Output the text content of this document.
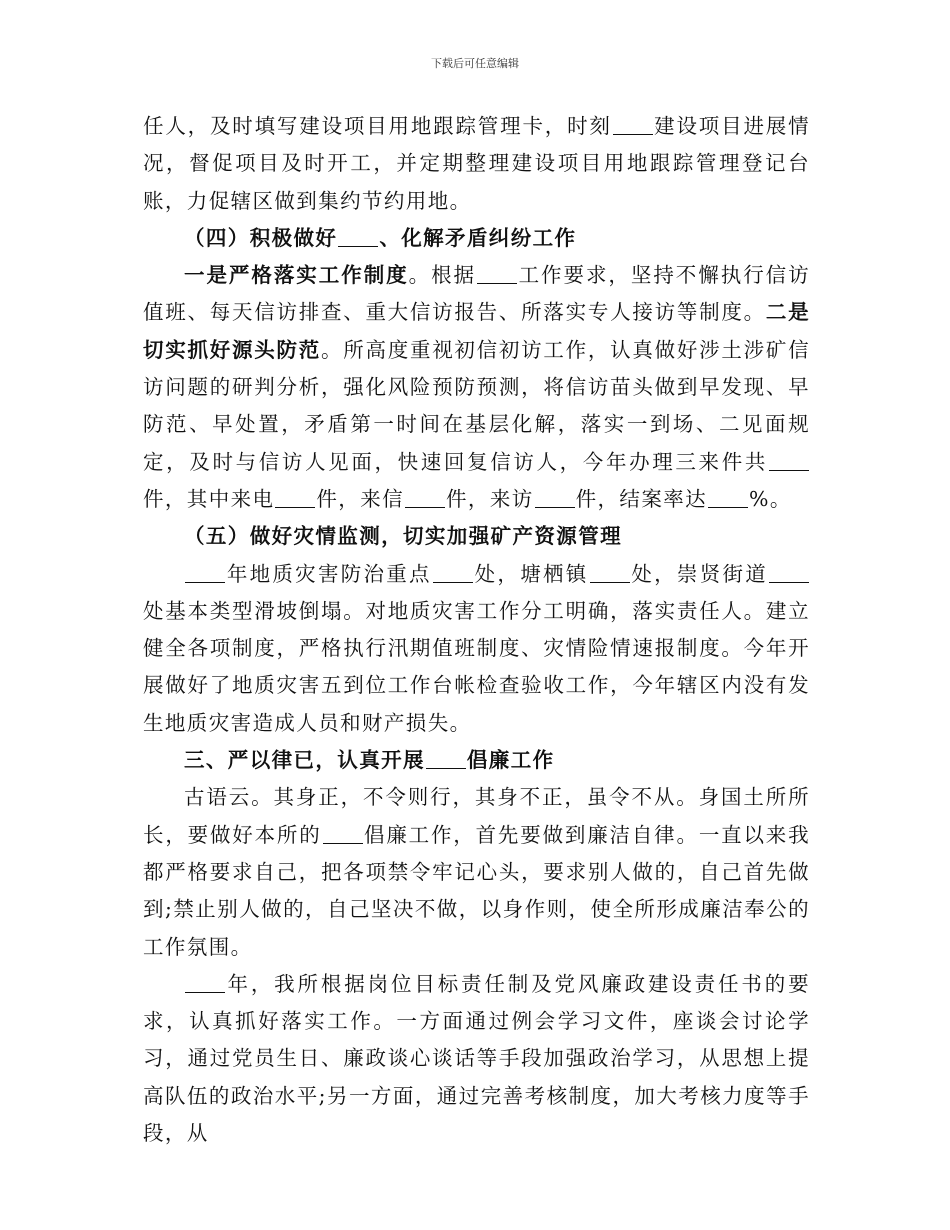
下载后可任意编辑

任人，及时填写建设项目用地跟踪管理卡，时刻 建设项目进展情况，督促项目及时开工，并定期整理建设项目用地跟踪管理登记台账，力促辖区做到集约节约用地。

（四）积极做好 、化解矛盾纠纷工作

一是严格落实工作制度。根据 工作要求，坚持不懈执行信访值班、每天信访排查、重大信访报告、所落实专人接访等制度。二是切实抓好源头防范。所高度重视初信初访工作，认真做好涉土涉矿信访问题的研判分析，强化风险预防预测，将信访苗头做到早发现、早防范、早处置，矛盾第一时间在基层化解，落实一到场、二见面规定，及时与信访人见面，快速回复信访人，今年办理三来件共件，其中来电 件，来信 件，来访 件，结案率达 %。

（五）做好灾情监测，切实加强矿产资源管理

年地质灾害防治重点 处，塘栖镇 处，崇贤街道处基本类型滑坡倒塌。对地质灾害工作分工明确，落实责任人。建立健全各项制度，严格执行汛期值班制度、灾情险情速报制度。今年开展做好了地质灾害五到位工作台帐检查验收工作，今年辖区内没有发生地质灾害造成人员和财产损失。

三、严以律已，认真开展 倡廉工作

古语云。其身正，不令则行，其身不正，虽令不从。身国土所所长，要做好本所的 倡廉工作，首先要做到廉洁自律。一直以来我都严格要求自己，把各项禁令牢记心头，要求别人做的，自己首先做到;禁止别人做的，自己坚决不做，以身作则，使全所形成廉洁奉公的工作氛围。

年，我所根据岗位目标责任制及党风廉政建设责任书的要求，认真抓好落实工作。一方面通过例会学习文件，座谈会讨论学习，通过党员生日、廉政谈心谈话等手段加强政治学习，从思想上提高队伍的政治水平;另一方面，通过完善考核制度，加大考核力度等手段，从
